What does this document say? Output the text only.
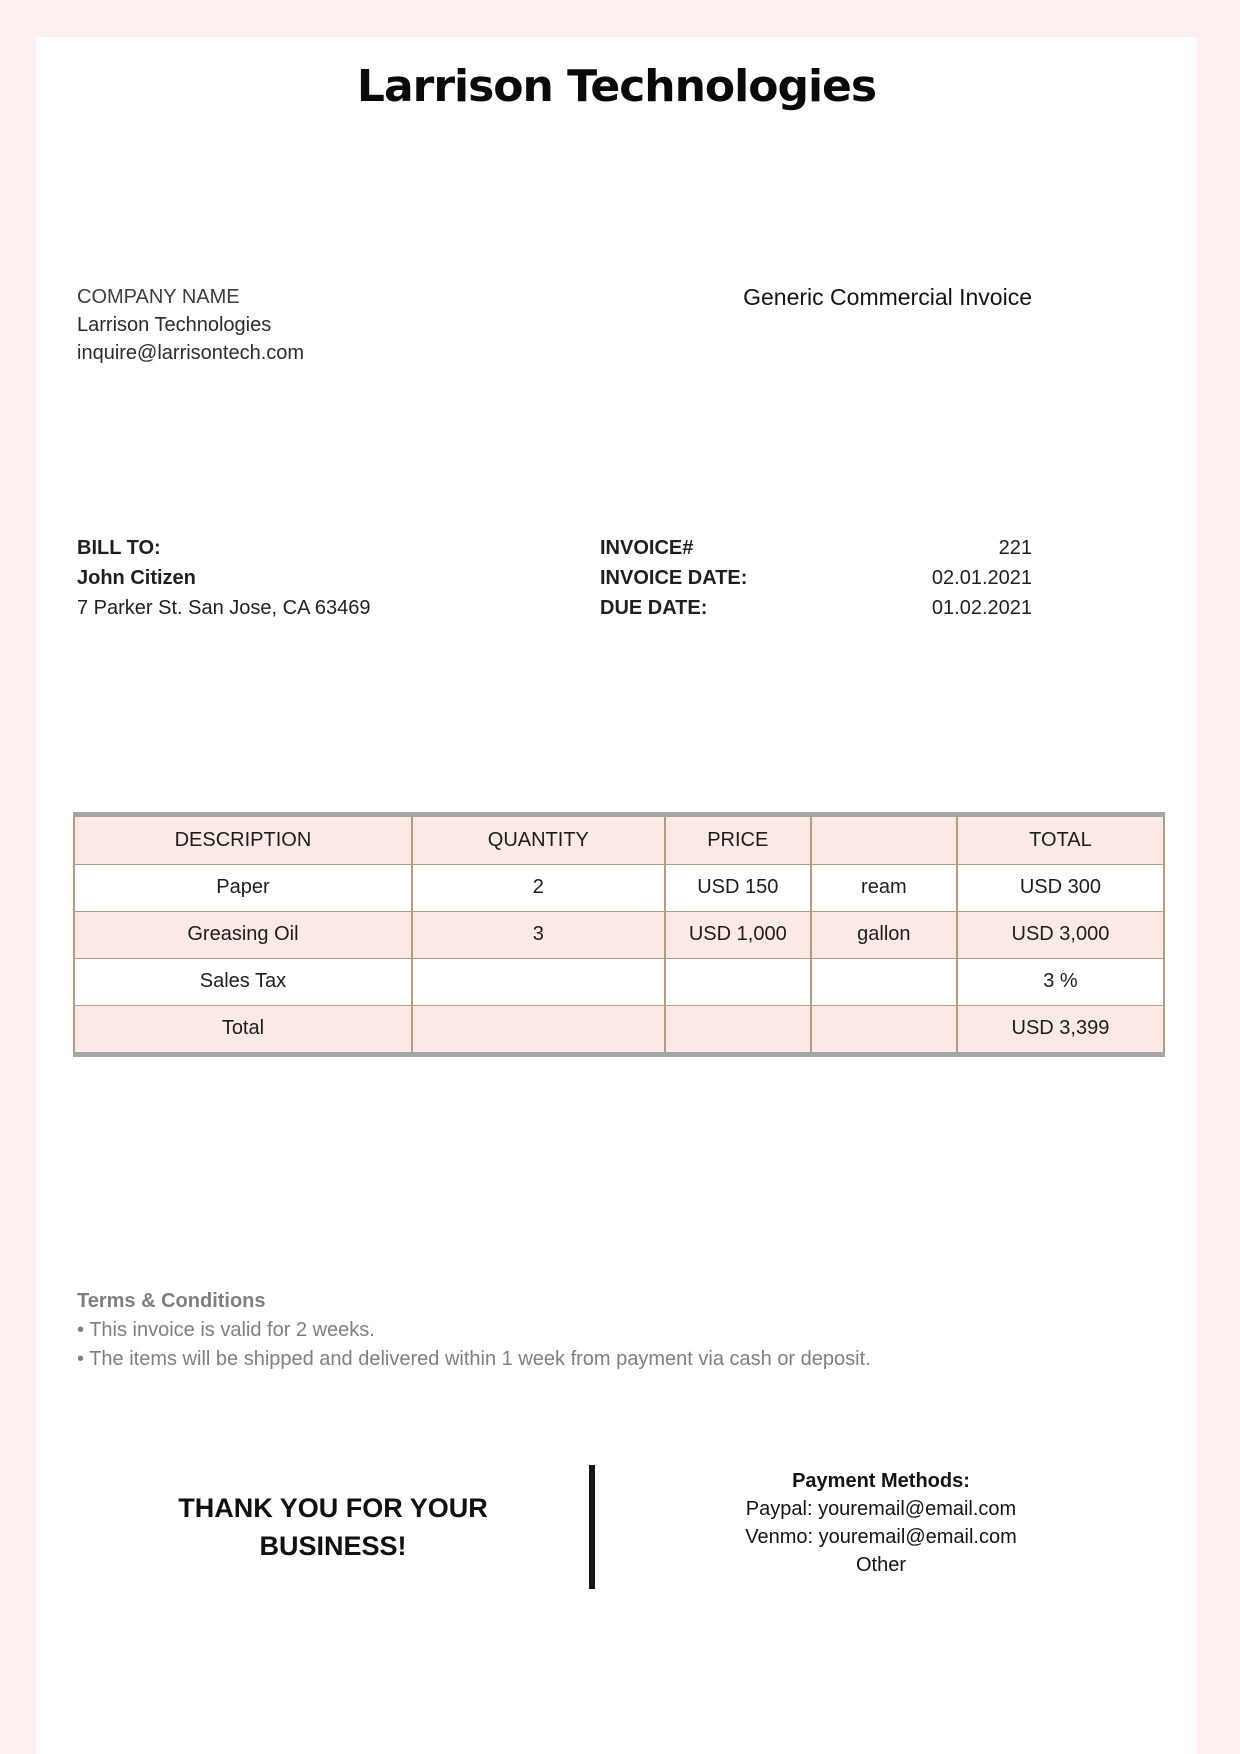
Larrison Technologies
COMPANY NAME
Larrison Technologies
inquire@larrisontech.com
Generic Commercial Invoice
BILL TO:
John Citizen
7 Parker St. San Jose, CA 63469
INVOICE#	221
INVOICE DATE:	02.01.2021
DUE DATE:	01.02.2021
DESCRIPTION	QUANTITY	PRICE		TOTAL
Paper	2	USD 150	ream	USD 300
Greasing Oil	3	USD 1,000	gallon	USD 3,000
Sales Tax				3 %
Total				USD 3,399
Terms & Conditions
• This invoice is valid for 2 weeks.
• The items will be shipped and delivered within 1 week from payment via cash or deposit.
THANK YOU FOR YOUR BUSINESS!
Payment Methods:
Paypal: youremail@email.com
Venmo: youremail@email.com
Other
